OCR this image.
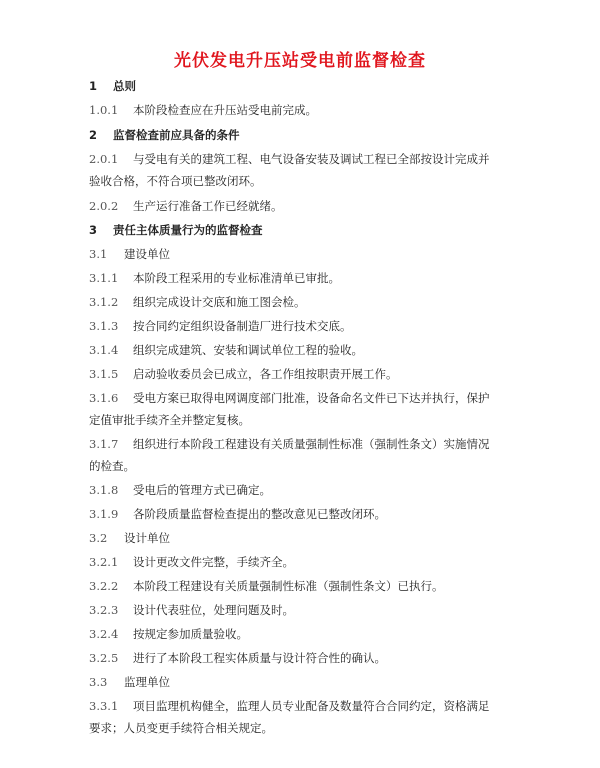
光伏发电升压站受电前监督检查
1 总则
1.0.1 本阶段检查应在升压站受电前完成。
2 监督检查前应具备的条件
2.0.1 与受电有关的建筑工程、电气设备安装及调试工程已全部按设计完成并
验收合格，不符合项已整改闭环。
2.0.2 生产运行准备工作已经就绪。
3 责任主体质量行为的监督检查
3.1 建设单位
3.1.1 本阶段工程采用的专业标准清单已审批。
3.1.2 组织完成设计交底和施工图会检。
3.1.3 按合同约定组织设备制造厂进行技术交底。
3.1.4 组织完成建筑、安装和调试单位工程的验收。
3.1.5 启动验收委员会已成立，各工作组按职责开展工作。
3.1.6 受电方案已取得电网调度部门批准，设备命名文件已下达并执行，保护
定值审批手续齐全并整定复核。
3.1.7 组织进行本阶段工程建设有关质量强制性标准（强制性条文）实施情况
的检查。
3.1.8 受电后的管理方式已确定。
3.1.9 各阶段质量监督检查提出的整改意见已整改闭环。
3.2 设计单位
3.2.1 设计更改文件完整，手续齐全。
3.2.2 本阶段工程建设有关质量强制性标准（强制性条文）已执行。
3.2.3 设计代表驻位，处理问题及时。
3.2.4 按规定参加质量验收。
3.2.5 进行了本阶段工程实体质量与设计符合性的确认。
3.3 监理单位
3.3.1 项目监理机构健全，监理人员专业配备及数量符合合同约定，资格满足
要求；人员变更手续符合相关规定。
